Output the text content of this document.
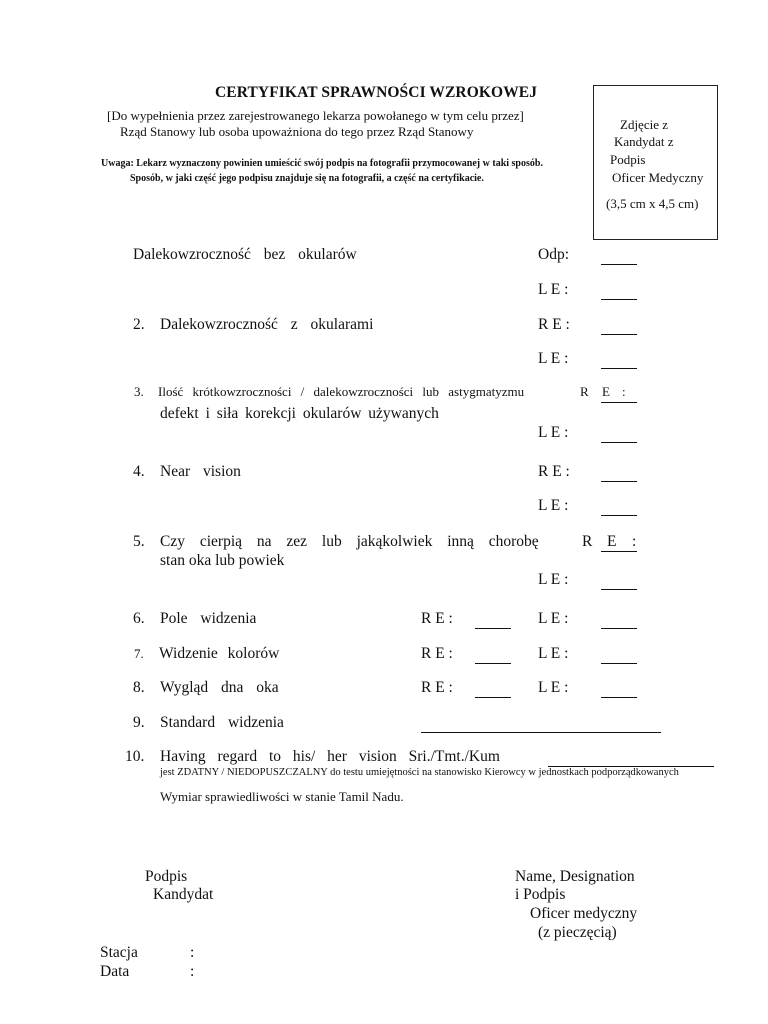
CERTYFIKAT SPRAWNOŚCI WZROKOWEJ
[Do wypełnienia przez zarejestrowanego lekarza powołanego w tym celu przez]
Rząd Stanowy lub osoba upoważniona do tego przez Rząd Stanowy
Uwaga: Lekarz wyznaczony powinien umieścić swój podpis na fotografii przymocowanej w taki sposób.
Sposób, w jaki część jego podpisu znajduje się na fotografii, a część na certyfikacie.
Zdjęcie z
Kandydat z
Podpis
Oficer Medyczny
(3,5 cm x 4,5 cm)
Dalekowzroczność bez okularów	Odp:
L E :
2. Dalekowzroczność z okularami	R E :
L E :
3. Ilość krótkowzroczności / dalekowzroczności lub astygmatyzmu	R E :
defekt i siła korekcji okularów używanych
L E :
4. Near vision	R E :
L E :
5. Czy cierpią na zez lub jakąkolwiek inną chorobę	R E :
stan oka lub powiek
L E :
6. Pole widzenia	R E :	L E :
7. Widzenie kolorów	R E :	L E :
8. Wygląd dna oka	R E :	L E :
9. Standard widzenia
10. Having regard to his/ her vision Sri./Tmt./Kum
jest ZDATNY / NIEDOPUSZCZALNY do testu umiejętności na stanowisko Kierowcy w jednostkach podporządkowanych
Wymiar sprawiedliwości w stanie Tamil Nadu.
Podpis
Kandydat
Name, Designation
i Podpis
Oficer medyczny
(z pieczęcią)
Stacja	:
Data	:
